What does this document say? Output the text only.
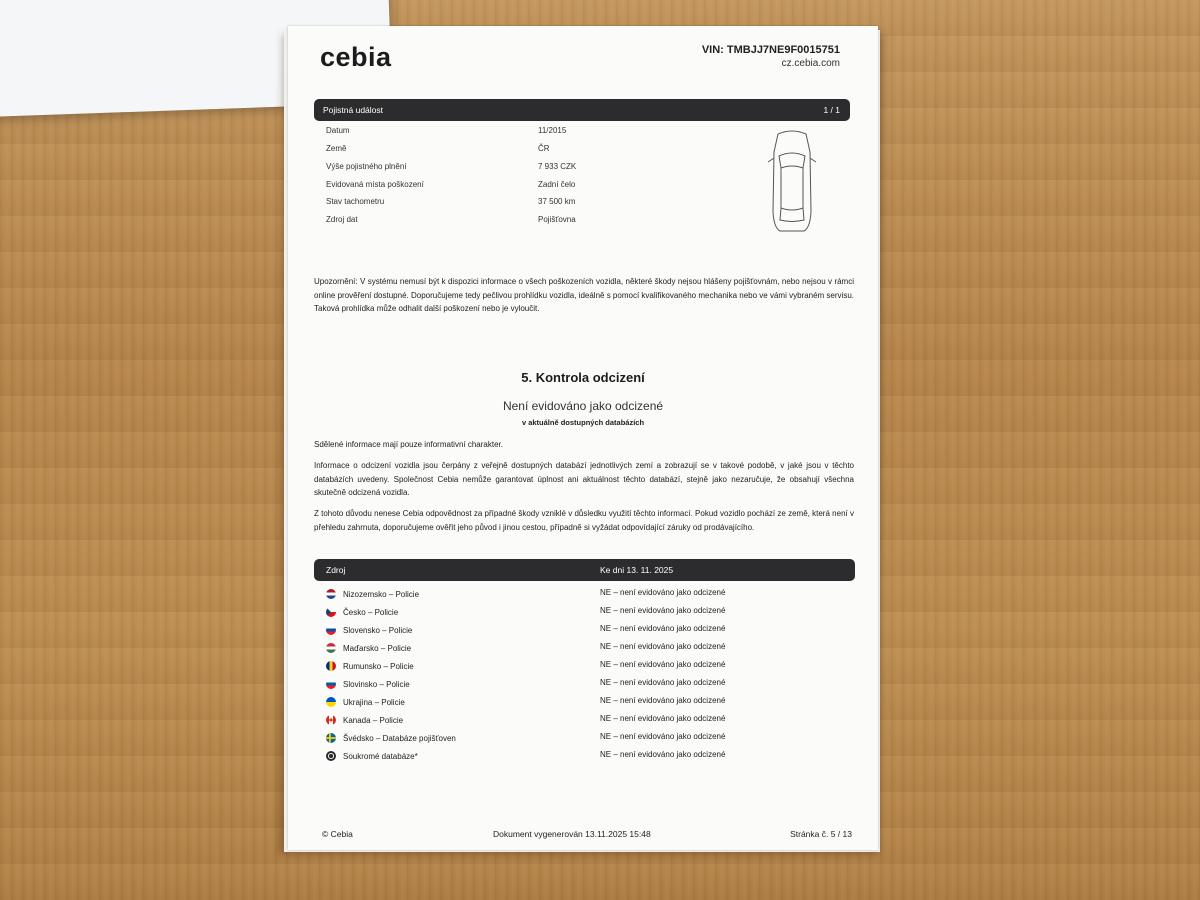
cebia	VIN: TMBJJ7NE9F0015751
cz.cebia.com
Pojistná událost	1 / 1
Datum	11/2015
Země	ČR
Výše pojistného plnění	7 933 CZK
Evidovaná místa poškození	Zadní čelo
Stav tachometru	37 500 km
Zdroj dat	Pojišťovna
Upozornění: V systému nemusí být k dispozici informace o všech poškozeních vozidla, některé škody nejsou hlášeny pojišťovnám, nebo nejsou v rámci online prověření dostupné. Doporučujeme tedy pečlivou prohlídku vozidla, ideálně s pomocí kvalifikovaného mechanika nebo ve vámi vybraném servisu. Taková prohlídka může odhalit další poškození nebo je vyloučit.
5. Kontrola odcizení
Není evidováno jako odcizené
v aktuálně dostupných databázích
Sdělené informace mají pouze informativní charakter.
Informace o odcizení vozidla jsou čerpány z veřejně dostupných databází jednotlivých zemí a zobrazují se v takové podobě, v jaké jsou v těchto databázích uvedeny. Společnost Cebia nemůže garantovat úplnost ani aktuálnost těchto databází, stejně jako nezaručuje, že obsahují všechna skutečně odcizená vozidla.
Z tohoto důvodu nenese Cebia odpovědnost za případné škody vzniklé v důsledku využití těchto informací. Pokud vozidlo pochází ze země, která není v přehledu zahrnuta, doporučujeme ověřit jeho původ i jinou cestou, případně si vyžádat odpovídající záruky od prodávajícího.
Zdroj	Ke dni 13. 11. 2025
Nizozemsko – Policie	NE – není evidováno jako odcizené
Česko – Policie	NE – není evidováno jako odcizené
Slovensko – Policie	NE – není evidováno jako odcizené
Maďarsko – Policie	NE – není evidováno jako odcizené
Rumunsko – Policie	NE – není evidováno jako odcizené
Slovinsko – Policie	NE – není evidováno jako odcizené
Ukrajina – Policie	NE – není evidováno jako odcizené
Kanada – Policie	NE – není evidováno jako odcizené
Švédsko – Databáze pojišťoven	NE – není evidováno jako odcizené
Soukromé databáze*	NE – není evidováno jako odcizené
© Cebia	Dokument vygenerován 13.11.2025 15:48	Stránka č. 5 / 13
